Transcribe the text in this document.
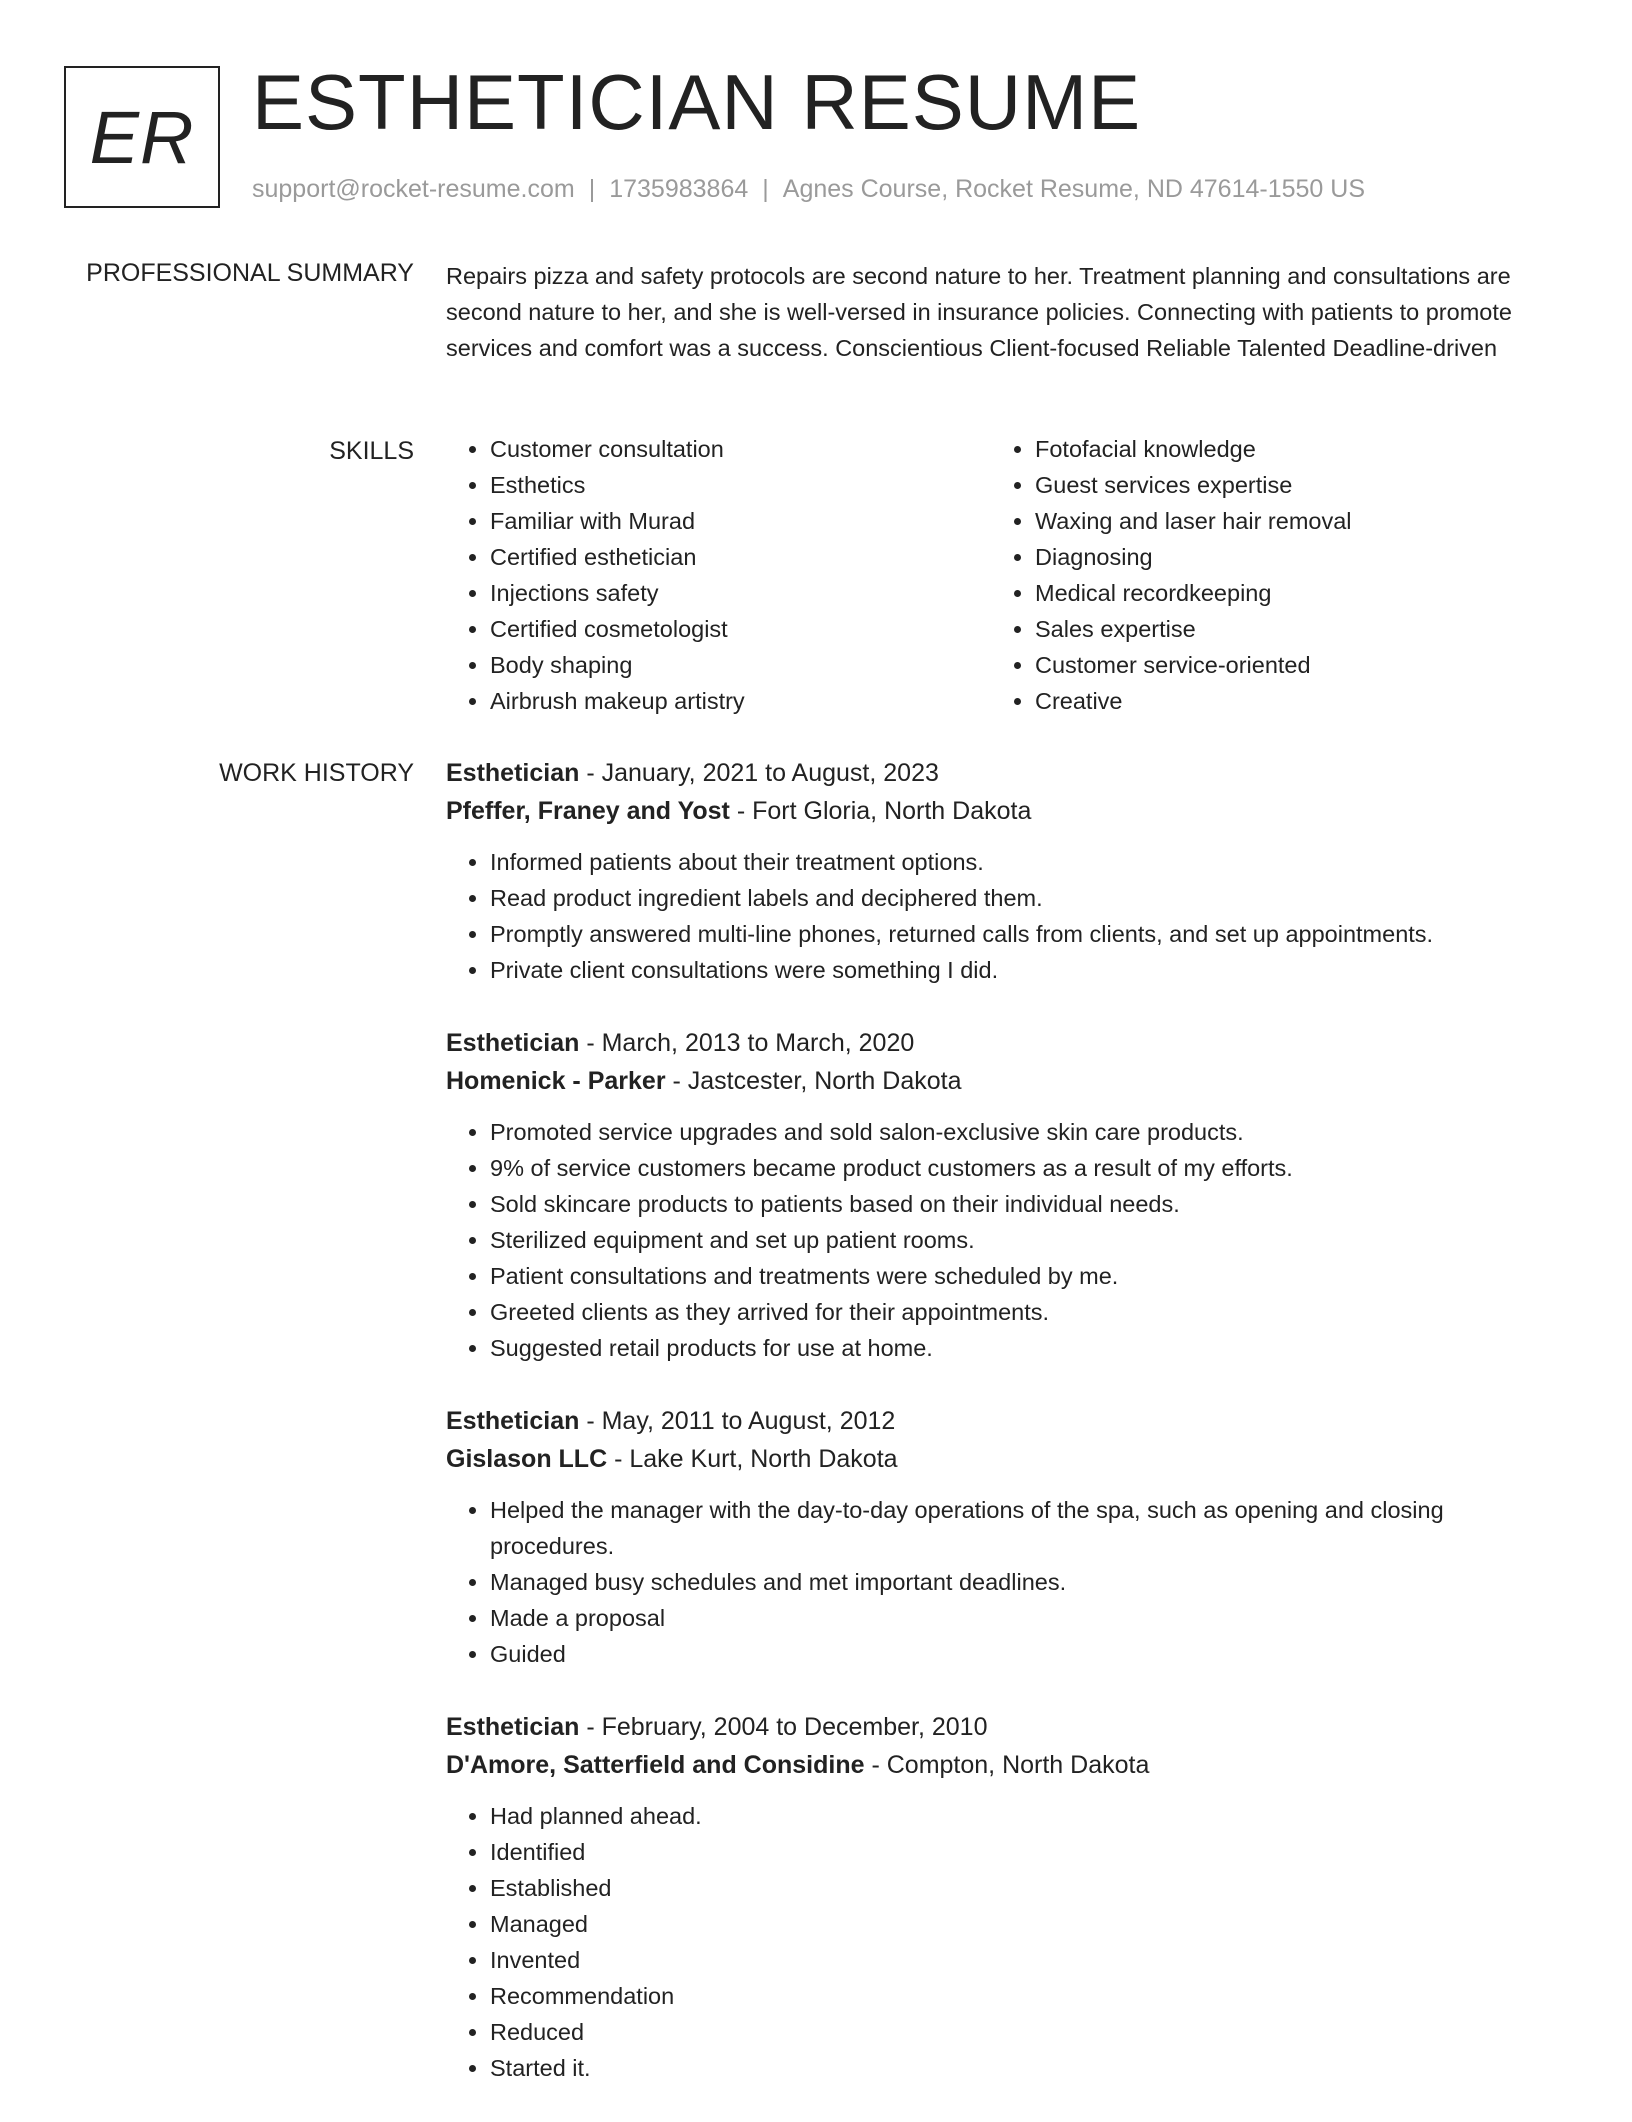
ER ESTHETICIAN RESUME
support@rocket-resume.com | 1735983864 | Agnes Course, Rocket Resume, ND 47614-1550 US
PROFESSIONAL SUMMARY Repairs pizza and safety protocols are second nature to her. Treatment planning and consultations are second nature to her, and she is well-versed in insurance policies. Connecting with patients to promote services and comfort was a success. Conscientious Client-focused Reliable Talented Deadline-driven

SKILLS
•	Customer consultation
• Esthetics
• Familiar with Murad
• Certified esthetician
• Injections safety
• Certified cosmetologist
• Body shaping
• Airbrush makeup artistry
• Fotofacial knowledge
• Guest services expertise
• Waxing and laser hair removal
• Diagnosing
• Medical recordkeeping
• Sales expertise
• Customer service-oriented
• Creative
WORK HISTORY Esthetician - January, 2021 to August, 2023
Pfeffer, Franey and Yost - Fort Gloria, North Dakota
• Informed patients about their treatment options.
• Read product ingredient labels and deciphered them.
• Promptly answered multi-line phones, returned calls from clients, and set up appointments.
• Private client consultations were something I did.
Esthetician - March, 2013 to March, 2020
Homenick - Parker - Jastcester, North Dakota
• Promoted service upgrades and sold salon-exclusive skin care products.
• 9% of service customers became product customers as a result of my efforts.
• Sold skincare products to patients based on their individual needs.
• Sterilized equipment and set up patient rooms.
• Patient consultations and treatments were scheduled by me.
• Greeted clients as they arrived for their appointments.
• Suggested retail products for use at home.
Esthetician - May, 2011 to August, 2012
Gislason LLC - Lake Kurt, North Dakota
• Helped the manager with the day-to-day operations of the spa, such as opening and closing procedures.
• Managed busy schedules and met important deadlines.
• Made a proposal
• Guided
Esthetician - February, 2004 to December, 2010
D'Amore, Satterfield and Considine - Compton, North Dakota
• Had planned ahead.
• Identified
• Established
• Managed
• Invented
• Recommendation
• Reduced
• Started it.
